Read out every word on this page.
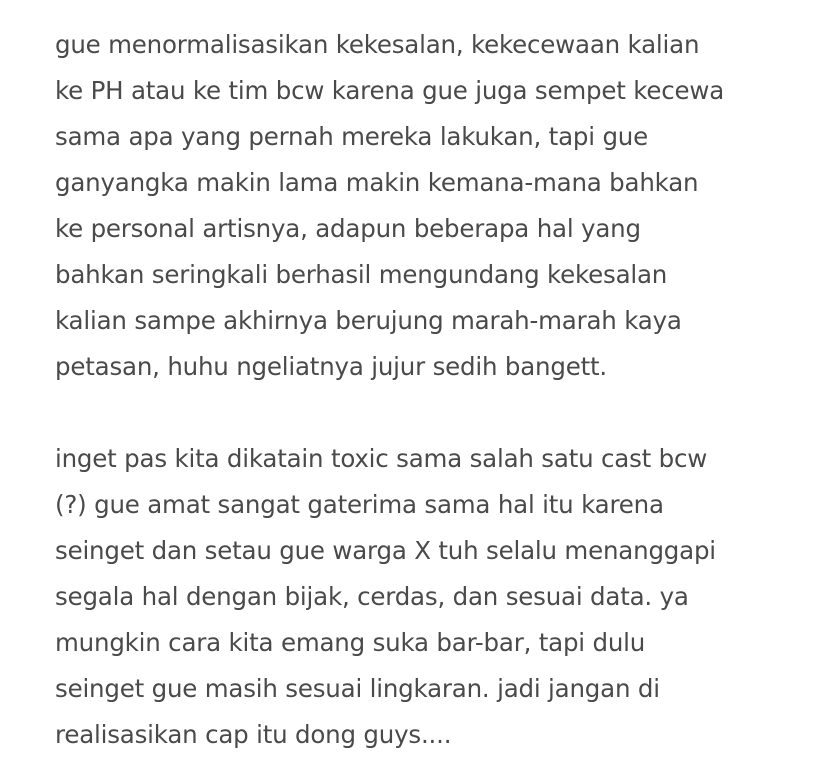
gue menormalisasikan kekesalan, kekecewaan kalian
ke PH atau ke tim bcw karena gue juga sempet kecewa
sama apa yang pernah mereka lakukan, tapi gue
ganyangka makin lama makin kemana-mana bahkan
ke personal artisnya, adapun beberapa hal yang
bahkan seringkali berhasil mengundang kekesalan
kalian sampe akhirnya berujung marah-marah kaya
petasan, huhu ngeliatnya jujur sedih bangett.
inget pas kita dikatain toxic sama salah satu cast bcw
(?) gue amat sangat gaterima sama hal itu karena
seinget dan setau gue warga X tuh selalu menanggapi
segala hal dengan bijak, cerdas, dan sesuai data. ya
mungkin cara kita emang suka bar-bar, tapi dulu
seinget gue masih sesuai lingkaran. jadi jangan di
realisasikan cap itu dong guys....
